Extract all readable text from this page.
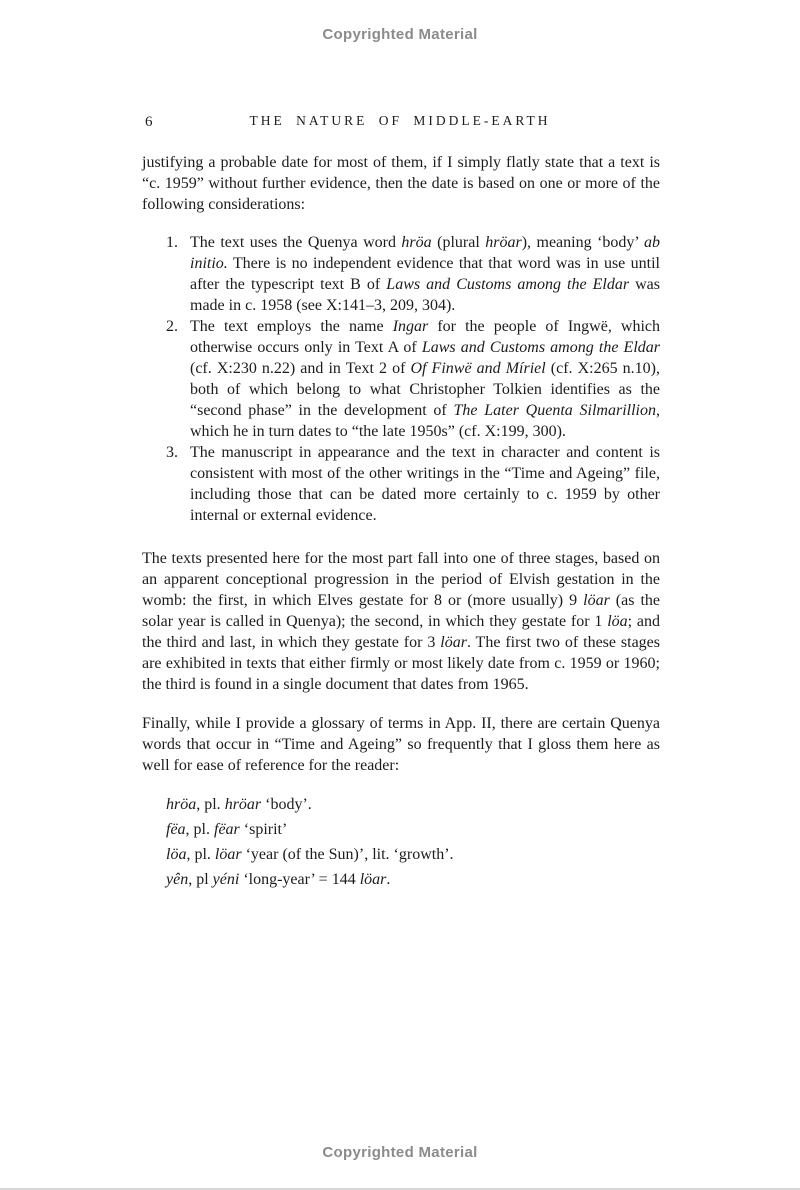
Copyrighted Material
6	THE NATURE OF MIDDLE-EARTH

justifying a probable date for most of them, if I simply flatly state that a text is “c. 1959” without further evidence, then the date is based on one or more of the following considerations:

1. The text uses the Quenya word hröa (plural hröar), meaning ‘body’ ab initio. There is no independent evidence that that word was in use until after the typescript text B of Laws and Customs among the Eldar was made in c. 1958 (see X:141–3, 209, 304).
2. The text employs the name Ingar for the people of Ingwë, which otherwise occurs only in Text A of Laws and Customs among the Eldar (cf. X:230 n.22) and in Text 2 of Of Finwë and Míriel (cf. X:265 n.10), both of which belong to what Christopher Tolkien identifies as the “second phase” in the development of The Later Quenta Silmarillion, which he in turn dates to “the late 1950s” (cf. X:199, 300).
3. The manuscript in appearance and the text in character and content is consistent with most of the other writings in the “Time and Ageing” file, including those that can be dated more certainly to c. 1959 by other internal or external evidence.

The texts presented here for the most part fall into one of three stages, based on an apparent conceptional progression in the period of Elvish gestation in the womb: the first, in which Elves gestate for 8 or (more usually) 9 löar (as the solar year is called in Quenya); the second, in which they gestate for 1 löa; and the third and last, in which they gestate for 3 löar. The first two of these stages are exhibited in texts that either firmly or most likely date from c. 1959 or 1960; the third is found in a single document that dates from 1965.

Finally, while I provide a glossary of terms in App. II, there are certain Quenya words that occur in “Time and Ageing” so frequently that I gloss them here as well for ease of reference for the reader:

hröa, pl. hröar ‘body’.
fëa, pl. fëar ‘spirit’
löa, pl. löar ‘year (of the Sun)’, lit. ‘growth’.
yên, pl yéni ‘long-year’ = 144 löar.
Copyrighted Material
